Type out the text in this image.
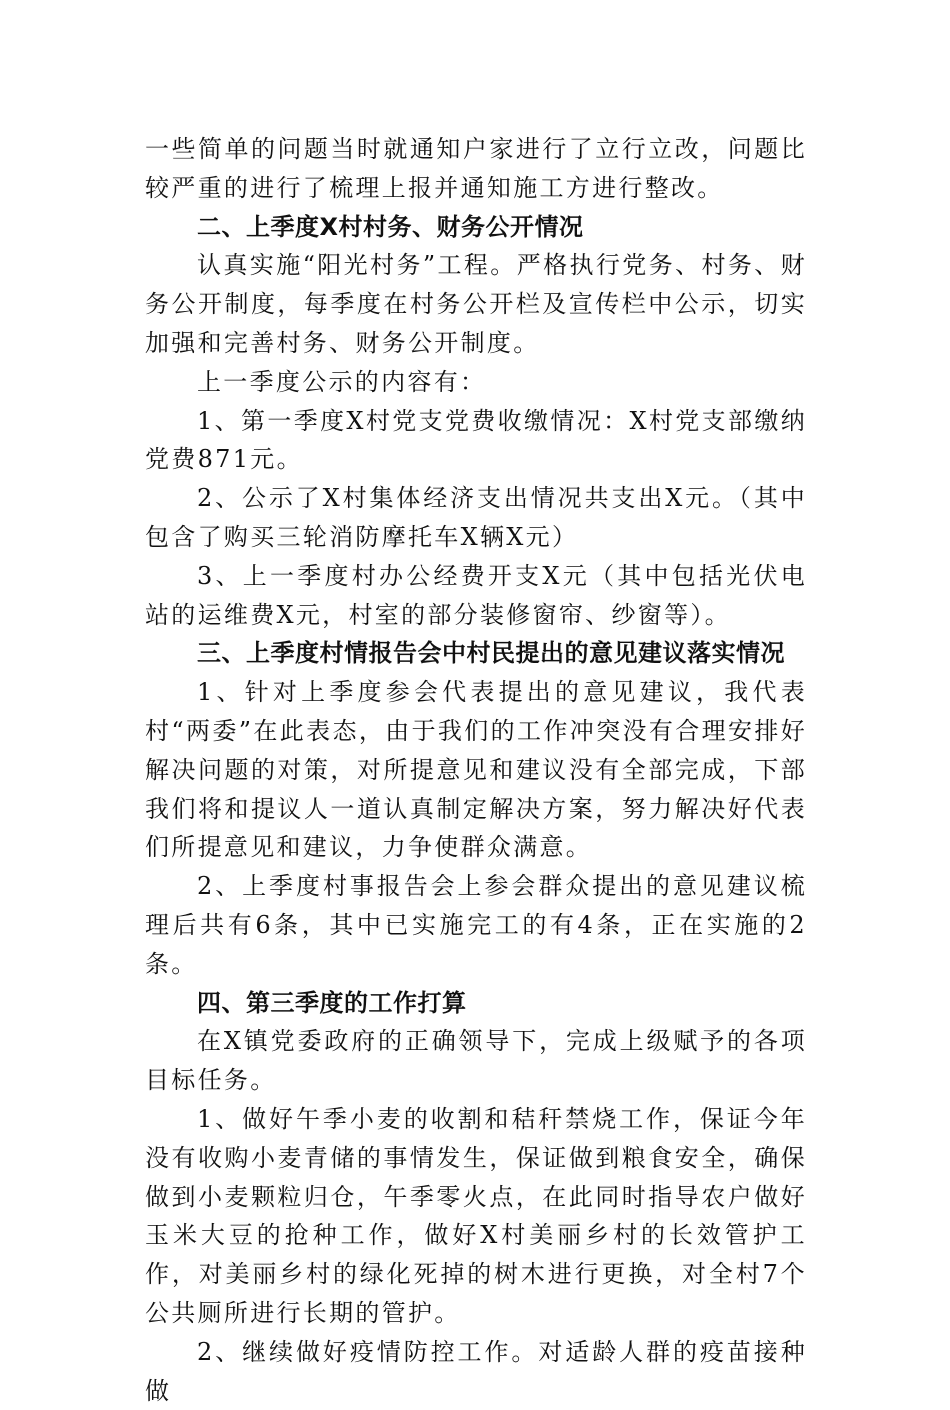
一些简单的问题当时就通知户家进行了立行立改，问题比较严重的进行了梳理上报并通知施工方进行整改。

二、上季度X村村务、财务公开情况

认真实施“阳光村务”工程。严格执行党务、村务、财务公开制度，每季度在村务公开栏及宣传栏中公示，切实加强和完善村务、财务公开制度。

上一季度公示的内容有：

1、第一季度X村党支党费收缴情况：X村党支部缴纳党费871元。

2、公示了X村集体经济支出情况共支出X元。（其中包含了购买三轮消防摩托车X辆X元）

3、上一季度村办公经费开支X元（其中包括光伏电站的运维费X元，村室的部分装修窗帘、纱窗等）。

三、上季度村情报告会中村民提出的意见建议落实情况

1、针对上季度参会代表提出的意见建议，我代表村“两委”在此表态，由于我们的工作冲突没有合理安排好解决问题的对策，对所提意见和建议没有全部完成，下部我们将和提议人一道认真制定解决方案，努力解决好代表们所提意见和建议，力争使群众满意。

2、上季度村事报告会上参会群众提出的意见建议梳理后共有6条，其中已实施完工的有4条，正在实施的2条。

四、第三季度的工作打算

在X镇党委政府的正确领导下，完成上级赋予的各项目标任务。

1、做好午季小麦的收割和秸秆禁烧工作，保证今年没有收购小麦青储的事情发生，保证做到粮食安全，确保做到小麦颗粒归仓，午季零火点，在此同时指导农户做好玉米大豆的抢种工作，做好X村美丽乡村的长效管护工作，对美丽乡村的绿化死掉的树木进行更换，对全村7个公共厕所进行长期的管护。

2、继续做好疫情防控工作。对适龄人群的疫苗接种做
